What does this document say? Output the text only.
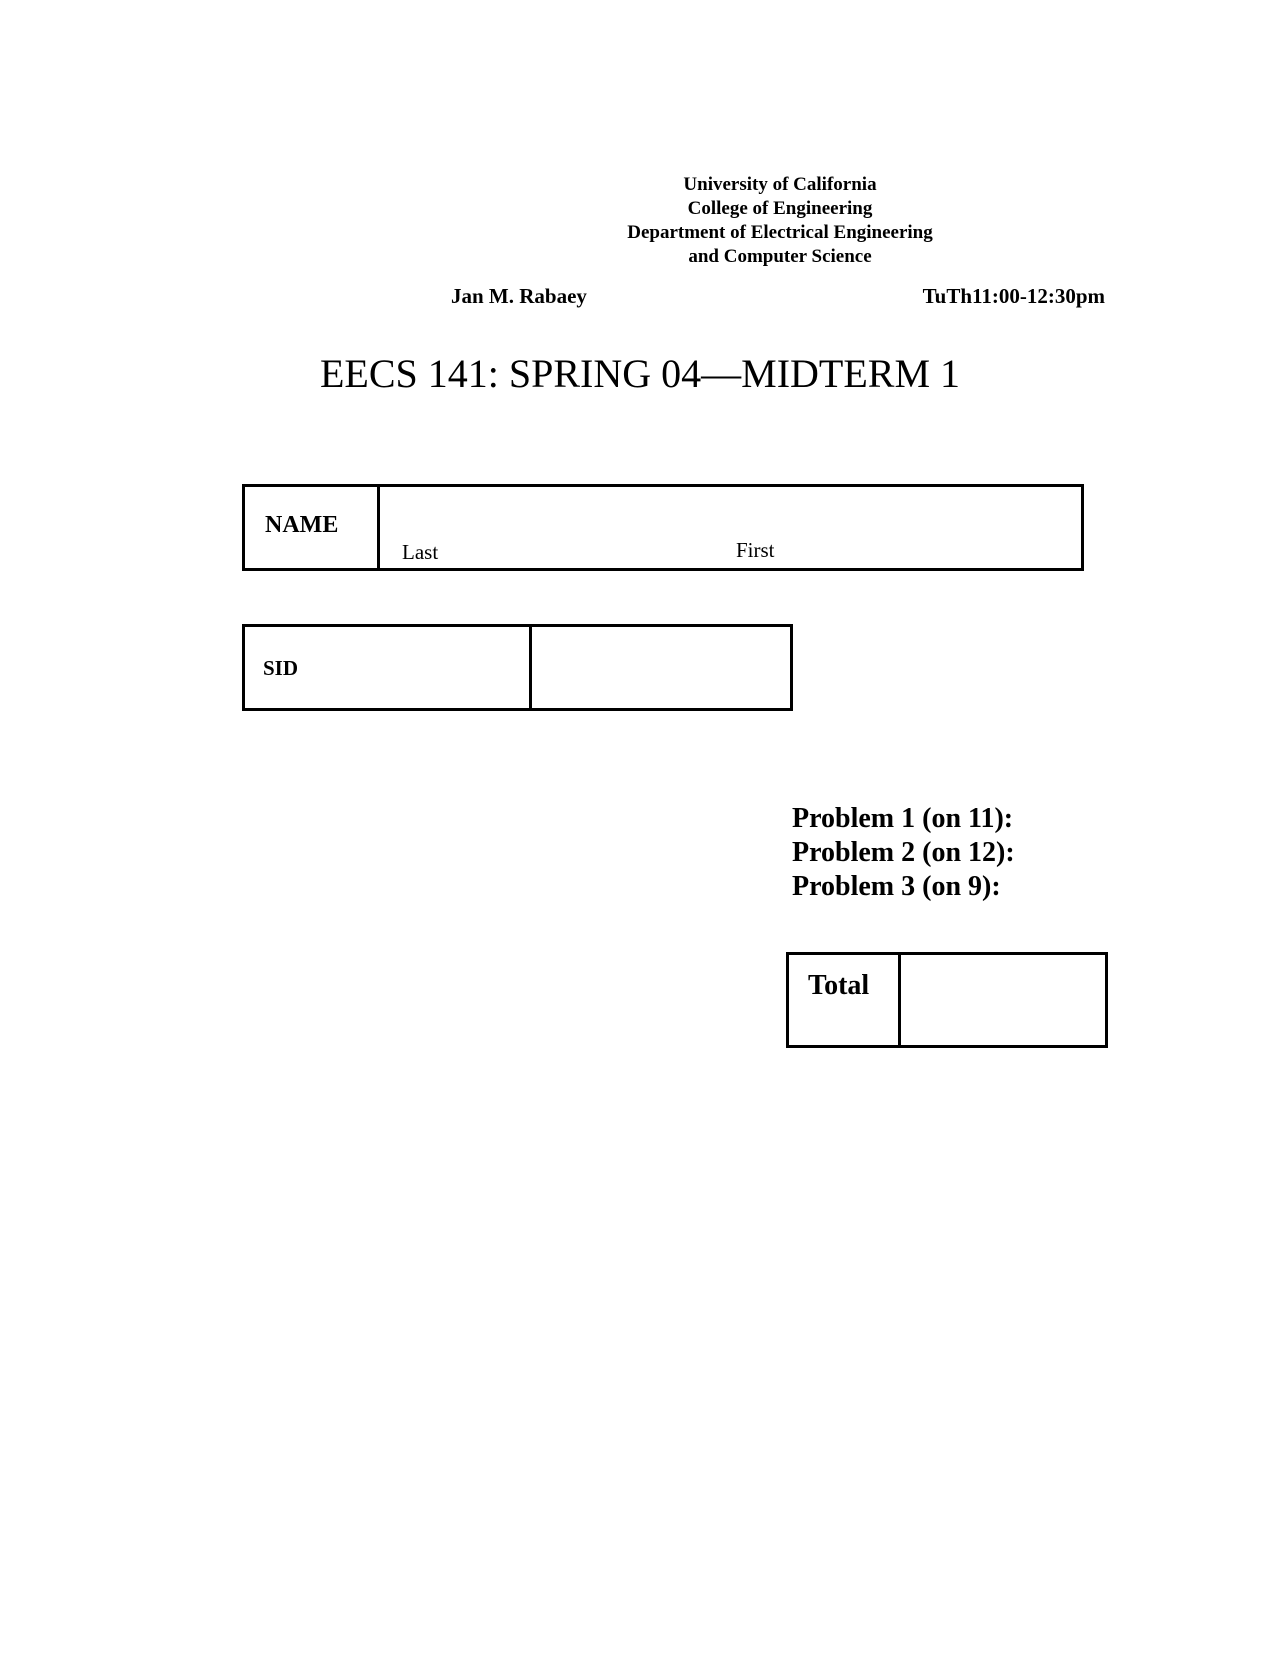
University of California
College of Engineering
Department of Electrical Engineering
and Computer Science
Jan M. Rabaey	TuTh11:00-12:30pm
EECS 141: SPRING 04—MIDTERM 1
NAME
Last	First
SID
Problem 1 (on 11):
Problem 2 (on 12):
Problem 3 (on 9):
Total
